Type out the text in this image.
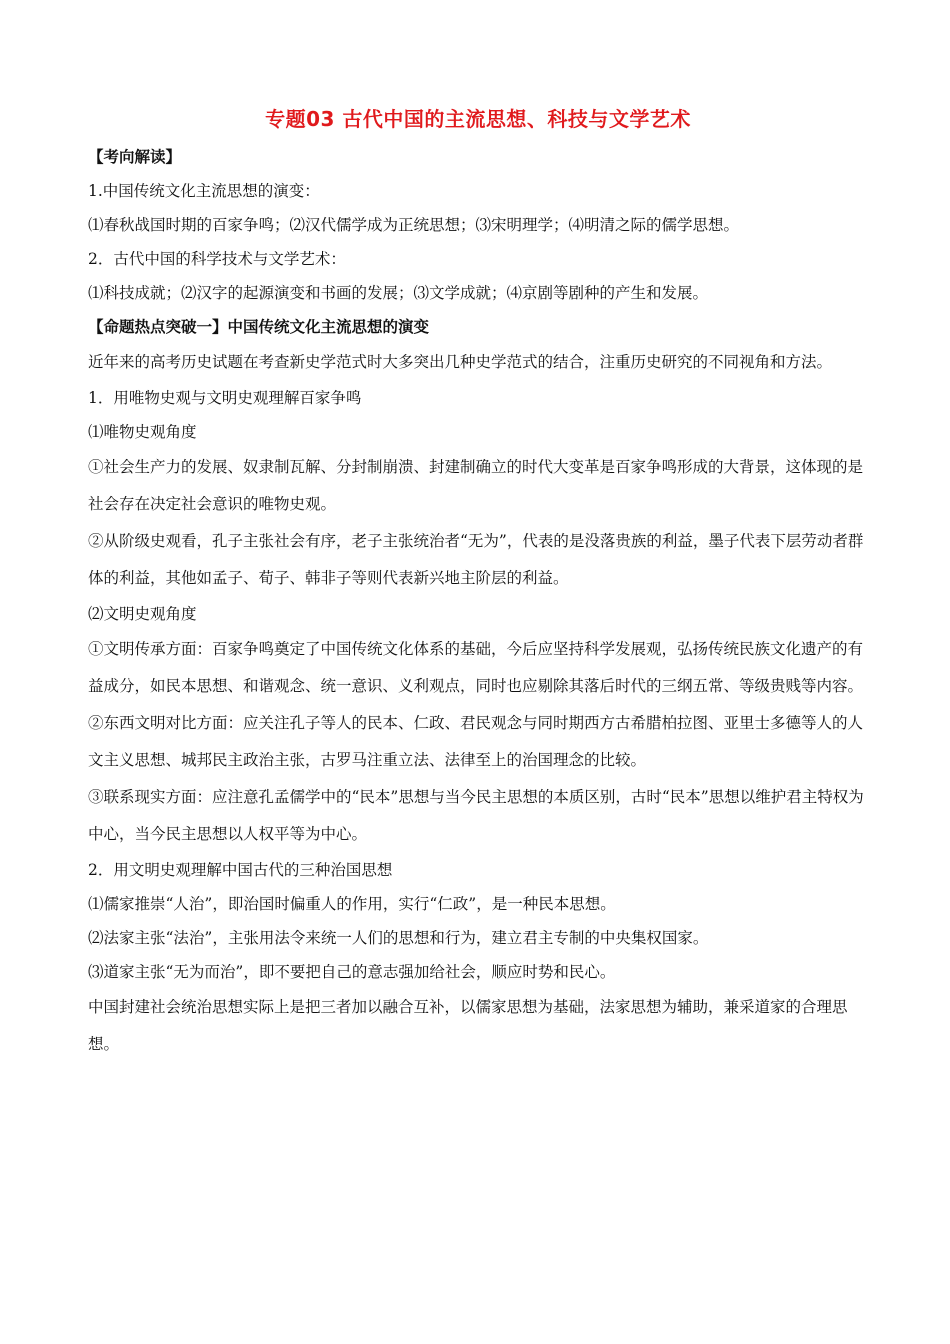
专题03 古代中国的主流思想、科技与文学艺术

【考向解读】

1.中国传统文化主流思想的演变：

⑴春秋战国时期的百家争鸣；⑵汉代儒学成为正统思想；⑶宋明理学；⑷明清之际的儒学思想。

2．古代中国的科学技术与文学艺术：

⑴科技成就；⑵汉字的起源演变和书画的发展；⑶文学成就；⑷京剧等剧种的产生和发展。

【命题热点突破一】中国传统文化主流思想的演变

近年来的高考历史试题在考查新史学范式时大多突出几种史学范式的结合，注重历史研究的不同视角和方法。

1．用唯物史观与文明史观理解百家争鸣

⑴唯物史观角度

①社会生产力的发展、奴隶制瓦解、分封制崩溃、封建制确立的时代大变革是百家争鸣形成的大背景，这体现的是社会存在决定社会意识的唯物史观。

②从阶级史观看，孔子主张社会有序，老子主张统治者“无为”，代表的是没落贵族的利益，墨子代表下层劳动者群体的利益，其他如孟子、荀子、韩非子等则代表新兴地主阶层的利益。

⑵文明史观角度

①文明传承方面：百家争鸣奠定了中国传统文化体系的基础，今后应坚持科学发展观，弘扬传统民族文化遗产的有益成分，如民本思想、和谐观念、统一意识、义利观点，同时也应剔除其落后时代的三纲五常、等级贵贱等内容。

②东西文明对比方面：应关注孔子等人的民本、仁政、君民观念与同时期西方古希腊柏拉图、亚里士多德等人的人文主义思想、城邦民主政治主张，古罗马注重立法、法律至上的治国理念的比较。

③联系现实方面：应注意孔孟儒学中的“民本”思想与当今民主思想的本质区别，古时“民本”思想以维护君主特权为中心，当今民主思想以人权平等为中心。

2．用文明史观理解中国古代的三种治国思想

⑴儒家推崇“人治”，即治国时偏重人的作用，实行“仁政”，是一种民本思想。

⑵法家主张“法治”，主张用法令来统一人们的思想和行为，建立君主专制的中央集权国家。

⑶道家主张“无为而治”，即不要把自己的意志强加给社会，顺应时势和民心。

中国封建社会统治思想实际上是把三者加以融合互补，以儒家思想为基础，法家思想为辅助，兼采道家的合理思想。
